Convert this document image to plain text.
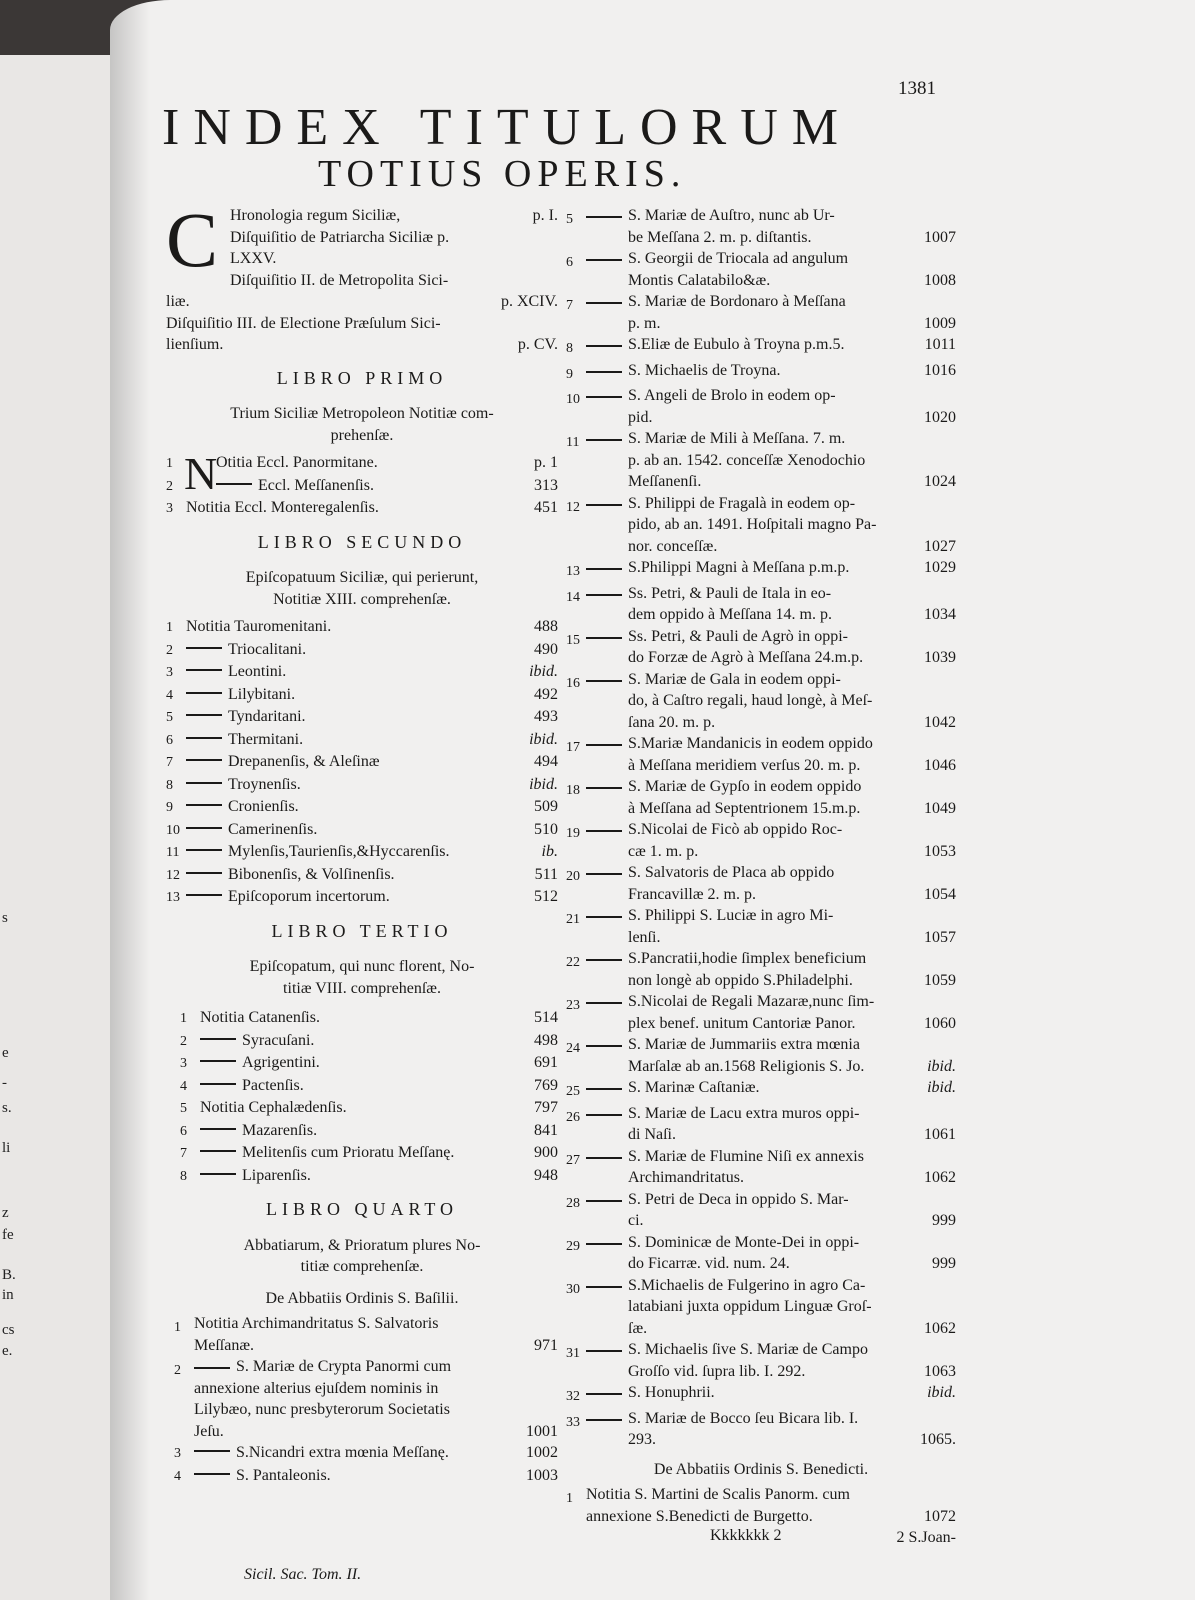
s
e
-
s.
li
z
fe
B.
in
cs
e.
1381
INDEX TITULORUM
TOTIUS OPERIS.
C Hronologia regum Siciliæ,	p. I.
Diſquiſitio de Patriarcha Siciliæ p.
LXXV.
Diſquiſitio II. de Metropolita Sici-
liæ.	p. XCIV.
Diſquiſitio III. de Electione Præſulum Sici-
lienſium.	p. CV.
LIBRO PRIMO
Trium Siciliæ Metropoleon Notitiæ com-
prehenſæ.
N
1	Otitia Eccl. Panormitane.	p. 1
2	Eccl. Meſſanenſis.	313
3 Notitia Eccl. Monteregalenſis.	451
LIBRO SECUNDO
Epiſcopatuum Siciliæ, qui perierunt,
Notitiæ XIII. comprehenſæ.
1 Notitia Tauromenitani.	488
2	Triocalitani.	490
3	Leontini.	ibid.
4	Lilybitani.	492
5	Tyndaritani.	493
6	Thermitani.	ibid.
7	Drepanenſis, & Aleſinæ	494
8	Troynenſis.	ibid.
9	Cronienſis.	509
10	Camerinenſis.	510
11	Mylenſis,Taurienſis,&Hyccarenſis.	ib.
12	Bibonenſis, & Volſinenſis.	511
13	Epiſcoporum incertorum.	512
LIBRO TERTIO
Epiſcopatum, qui nunc florent, No-
titiæ VIII. comprehenſæ.
1 Notitia Catanenſis.	514
2	Syracuſani.	498
3	Agrigentini.	691
4	Pactenſis.	769
5 Notitia Cephalædenſis.	797
6	Mazarenſis.	841
7	Melitenſis cum Prioratu Meſſanę.	900
8	Liparenſis.	948
LIBRO QUARTO
Abbatiarum, & Prioratum plures No-
titiæ comprehenſæ.
De Abbatiis Ordinis S. Baſilii.
1 Notitia Archimandritatus S. Salvatoris
Meſſanæ.	971
2	S. Mariæ de Crypta Panormi cum
annexione alterius ejuſdem nominis in
Lilybæo, nunc presbyterorum Societatis
Jeſu.	1001
3	S.Nicandri extra mœnia Meſſanę.	1002
4	S. Pantaleonis.	1003
5	S. Mariæ de Auſtro, nunc ab Ur-
be Meſſana 2. m. p. diſtantis.	1007
6	S. Georgii de Triocala ad angulum
Montis Calatabilo&æ.	1008
7	S. Mariæ de Bordonaro à Meſſana
p. m.	1009
8	S.Eliæ de Eubulo à Troyna p.m.5.	1011
9	S. Michaelis de Troyna.	1016
10	S. Angeli de Brolo in eodem op-
pid.	1020
11	S. Mariæ de Mili à Meſſana. 7. m.
p. ab an. 1542. conceſſæ Xenodochio
Meſſanenſi.	1024
12	S. Philippi de Fragalà in eodem op-
pido, ab an. 1491. Hoſpitali magno Pa-
nor. conceſſæ.	1027
13	S.Philippi Magni à Meſſana p.m.p.	1029
14	Ss. Petri, & Pauli de Itala in eo-
dem oppido à Meſſana 14. m. p.	1034
15	Ss. Petri, & Pauli de Agrò in oppi-
do Forzæ de Agrò à Meſſana 24.m.p.	1039
16	S. Mariæ de Gala in eodem oppi-
do, à Caſtro regali, haud longè, à Meſ-
ſana 20. m. p.	1042
17	S.Mariæ Mandanicis in eodem oppido
à Meſſana meridiem verſus 20. m. p.	1046
18	S. Mariæ de Gypſo in eodem oppido
à Meſſana ad Septentrionem 15.m.p.	1049
19	S.Nicolai de Ficò ab oppido Roc-
cæ 1. m. p.	1053
20	S. Salvatoris de Placa ab oppido
Francavillæ 2. m. p.	1054
21	S. Philippi S. Luciæ in agro Mi-
lenſi.	1057
22	S.Pancratii,hodie ſimplex beneficium
non longè ab oppido S.Philadelphi.	1059
23	S.Nicolai de Regali Mazaræ,nunc ſim-
plex benef. unitum Cantoriæ Panor.	1060
24	S. Mariæ de Jummariis extra mœnia
Marſalæ ab an.1568 Religionis S. Jo.	ibid.
25	S. Marinæ Caſtaniæ.	ibid.
26	S. Mariæ de Lacu extra muros oppi-
di Naſi.	1061
27	S. Mariæ de Flumine Niſi ex annexis
Archimandritatus.	1062
28	S. Petri de Deca in oppido S. Mar-
ci.	999
29	S. Dominicæ de Monte-Dei in oppi-
do Ficarræ. vid. num. 24.	999
30	S.Michaelis de Fulgerino in agro Ca-
latabiani juxta oppidum Linguæ Groſ-
ſæ.	1062
31	S. Michaelis ſive S. Mariæ de Campo
Groſſo vid. ſupra lib. I. 292.	1063
32	S. Honuphrii.	ibid.
33	S. Mariæ de Bocco ſeu Bicara lib. I.
293.	1065.
De Abbatiis Ordinis S. Benedicti.
1 Notitia S. Martini de Scalis Panorm. cum
annexione S.Benedicti de Burgetto.	1072
2 S.Joan-
Kkkkkkk 2
Sicil. Sac. Tom. II.
